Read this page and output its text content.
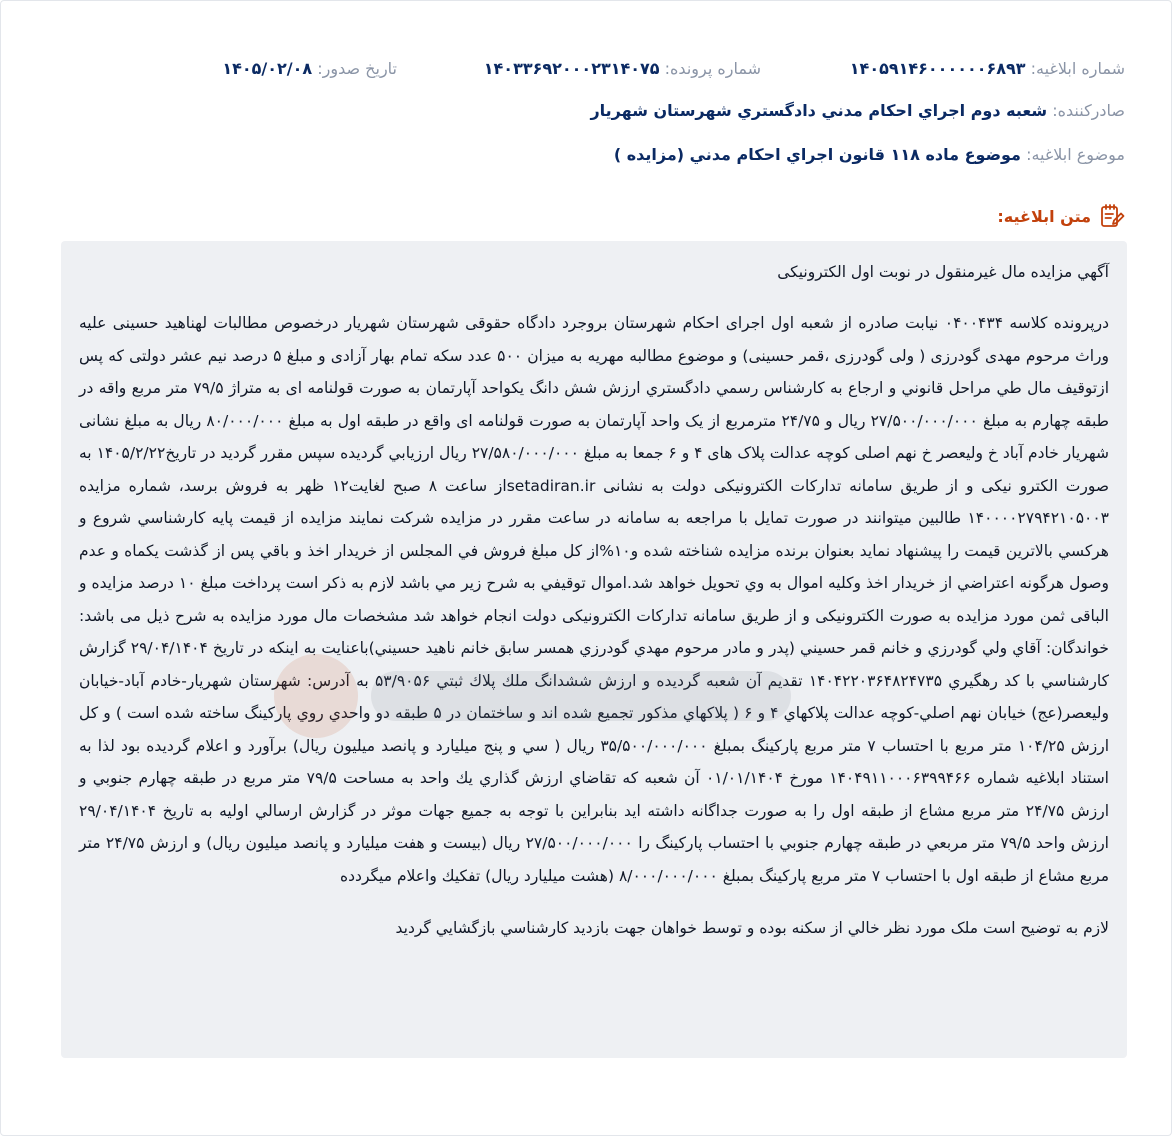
شماره ابلاغیه: ۱۴۰۵۹۱۴۶۰۰۰۰۰۰۶۸۹۳
شماره پرونده: ۱۴۰۳۳۶۹۲۰۰۰۲۳۱۴۰۷۵
تاریخ صدور: ۱۴۰۵/۰۲/۰۸
صادرکننده: شعبه دوم اجراي احكام مدني دادگستري شهرستان شهريار
موضوع ابلاغیه: موضوع ماده ۱۱۸ قانون اجراي احكام مدني (مزايده )
متن ابلاغیه:

آگهي مزايده مال غيرمنقول در نوبت اول الكترونيكی

درپرونده کلاسه ۰۴۰۰۴۳۴ نیابت صادره از شعبه اول اجرای احکام شهرستان بروجرد دادگاه حقوقی شهرستان شهریار درخصوص مطالبات لهناهید حسینی علیه وراث مرحوم مهدی گودرزی ( ولی گودرزی ،قمر حسینی) و موضوع مطالبه مهریه به میزان ۵۰۰ عدد سکه تمام بهار آزادی و مبلغ ۵ درصد نیم عشر دولتی که پس ازتوقيف مال طي مراحل قانوني و ارجاع به كارشناس رسمي دادگستري ارزش شش دانگ یکواحد آپارتمان به صورت قولنامه ای به متراژ ۷۹/۵ متر مربع واقه در طبقه چهارم به مبلغ ۲۷/۵۰۰/۰۰۰/۰۰۰ ریال و ۲۴/۷۵ مترمربع از یک واحد آپارتمان به صورت قولنامه ای واقع در طبقه اول به مبلغ ۸۰/۰۰۰/۰۰۰ ریال به مبلغ نشانی شهریار خادم آباد خ ولیعصر خ نهم اصلی کوچه عدالت پلاک های ۴ و ۶ جمعا به مبلغ ۲۷/۵۸۰/۰۰۰/۰۰۰ ريال ارزيابي گرديده سپس مقرر گرديد در تاريخ۱۴۰۵/۲/۲۲ به صورت الکترو نیکی و از طریق سامانه تدارکات الکترونیکی دولت به نشانی setadiran.irاز ساعت ۸ صبح لغایت۱۲ ظهر به فروش برسد، شماره مزایده ۱۴۰۰۰۰۲۷۹۴۲۱۰۵۰۰۳ طالبین میتوانند در صورت تمایل با مراجعه به سامانه در ساعت مقرر در مزايده شركت نمايند مزايده از قيمت پايه كارشناسي شروع و هركسي بالاترين قيمت را پيشنهاد نمايد بعنوان برنده مزايده شناخته شده و۱۰%از كل مبلغ فروش في المجلس از خريدار اخذ و باقي پس از گذشت يكماه و عدم وصول هرگونه اعتراضي از خريدار اخذ وكليه اموال به وي تحويل خواهد شد.اموال توقيفي به شرح زير مي باشد لازم به ذکر است پرداخت مبلغ ۱۰ درصد مزایده و الباقی ثمن مورد مزایده به صورت الکترونیکی و از طریق سامانه تدارکات الکترونیکی دولت انجام خواهد شد مشخصات مال مورد مزایده به شرح ذیل می باشد: خواندگان: آقاي ولي گودرزي و خانم قمر حسيني (پدر و مادر مرحوم مهدي گودرزي همسر سابق خانم ناهيد حسيني)باعنايت به اينكه در تاريخ ۲۹/۰۴/۱۴۰۴ گزارش كارشناسي با كد رهگيري ۱۴۰۴۲۲۰۳۶۴۸۲۴۷۳۵ تقديم آن شعبه گرديده و ارزش ششدانگ ملك پلاك ثبتي ۵۳/۹۰۵۶ به آدرس: شهرستان شهريار-خادم آباد-خيابان وليعصر(عج) خيابان نهم اصلي-كوچه عدالت پلاكهاي ۴ و ۶ ( پلاكهاي مذكور تجميع شده اند و ساختمان در ۵ طبقه دو واحدي روي پاركينگ ساخته شده است ) و كل ارزش ۱۰۴/۲۵ متر مربع با احتساب ۷ متر مربع پاركينگ بمبلغ ۳۵/۵۰۰/۰۰۰/۰۰۰ ريال ( سي و پنج ميليارد و پانصد ميليون ريال) برآورد و اعلام گرديده بود لذا به استناد ابلاغيه شماره ۱۴۰۴۹۱۱۰۰۰۶۳۹۹۴۶۶ مورخ ۰۱/۰۱/۱۴۰۴ آن شعبه كه تقاضاي ارزش گذاري يك واحد به مساحت ۷۹/۵ متر مربع در طبقه چهارم جنوبي و ارزش ۲۴/۷۵ متر مربع مشاع از طبقه اول را به صورت جداگانه داشته ايد بنابراين با توجه به جميع جهات موثر در گزارش ارسالي اوليه به تاريخ ۲۹/۰۴/۱۴۰۴ ارزش واحد ۷۹/۵ متر مربعي در طبقه چهارم جنوبي با احتساب پاركينگ را ۲۷/۵۰۰/۰۰۰/۰۰۰ ريال (بيست و هفت ميليارد و پانصد ميليون ريال) و ارزش ۲۴/۷۵ متر مربع مشاع از طبقه اول با احتساب ۷ متر مربع پاركينگ بمبلغ ۸/۰۰۰/۰۰۰/۰۰۰ (هشت ميليارد ريال) تفكيك واعلام ميگردده

لازم به توضیح است ملک مورد نظر خالي از سكنه بوده و توسط خواهان جهت بازديد كارشناسي بازگشايي گرديد
